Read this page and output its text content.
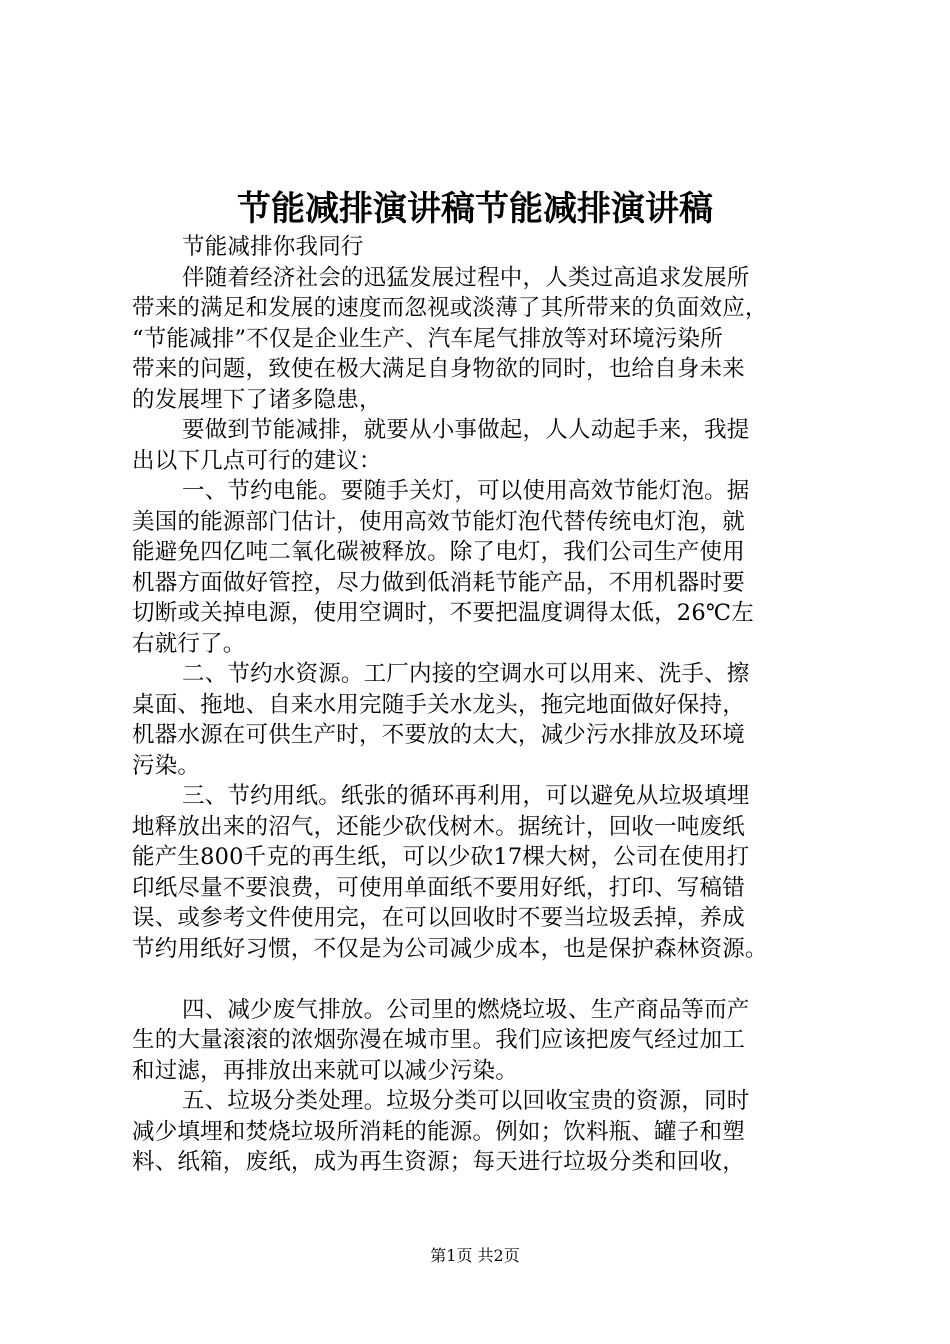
节能减排演讲稿节能减排演讲稿
节能减排你我同行
伴随着经济社会的迅猛发展过程中，人类过高追求发展所
带来的满足和发展的速度而忽视或淡薄了其所带来的负面效应，
“节能减排”不仅是企业生产、汽车尾气排放等对环境污染所
带来的问题，致使在极大满足自身物欲的同时，也给自身未来
的发展埋下了诸多隐患，
要做到节能减排，就要从小事做起，人人动起手来，我提
出以下几点可行的建议：
一、节约电能。要随手关灯，可以使用高效节能灯泡。据
美国的能源部门估计，使用高效节能灯泡代替传统电灯泡，就
能避免四亿吨二氧化碳被释放。除了电灯，我们公司生产使用
机器方面做好管控，尽力做到低消耗节能产品，不用机器时要
切断或关掉电源，使用空调时，不要把温度调得太低，26℃左
右就行了。
二、节约水资源。工厂内接的空调水可以用来、洗手、擦
桌面、拖地、自来水用完随手关水龙头，拖完地面做好保持，
机器水源在可供生产时，不要放的太大，减少污水排放及环境
污染。
三、节约用纸。纸张的循环再利用，可以避免从垃圾填埋
地释放出来的沼气，还能少砍伐树木。据统计，回收一吨废纸
能产生800千克的再生纸，可以少砍17棵大树，公司在使用打
印纸尽量不要浪费，可使用单面纸不要用好纸，打印、写稿错
误、或参考文件使用完，在可以回收时不要当垃圾丢掉，养成
节约用纸好习惯，不仅是为公司减少成本，也是保护森林资源。
四、减少废气排放。公司里的燃烧垃圾、生产商品等而产
生的大量滚滚的浓烟弥漫在城市里。我们应该把废气经过加工
和过滤，再排放出来就可以减少污染。
五、垃圾分类处理。垃圾分类可以回收宝贵的资源，同时
减少填埋和焚烧垃圾所消耗的能源。例如；饮料瓶、罐子和塑
料、纸箱，废纸，成为再生资源；每天进行垃圾分类和回收，
第1页 共2页
